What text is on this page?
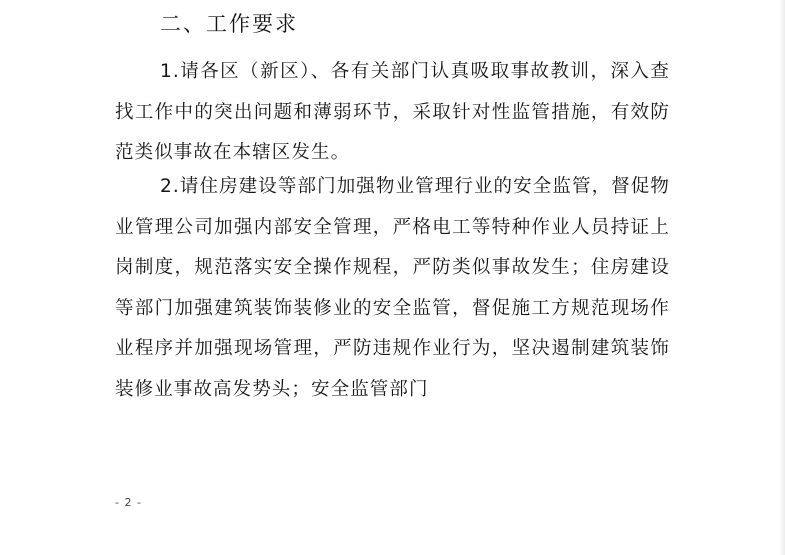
二、工作要求

1.请各区（新区）、各有关部门认真吸取事故教训，深入查找工作中的突出问题和薄弱环节，采取针对性监管措施，有效防范类似事故在本辖区发生。

2.请住房建设等部门加强物业管理行业的安全监管，督促物业管理公司加强内部安全管理，严格电工等特种作业人员持证上岗制度，规范落实安全操作规程，严防类似事故发生；住房建设等部门加强建筑装饰装修业的安全监管，督促施工方规范现场作业程序并加强现场管理，严防违规作业行为，坚决遏制建筑装饰装修业事故高发势头；安全监管部门

- 2 -
